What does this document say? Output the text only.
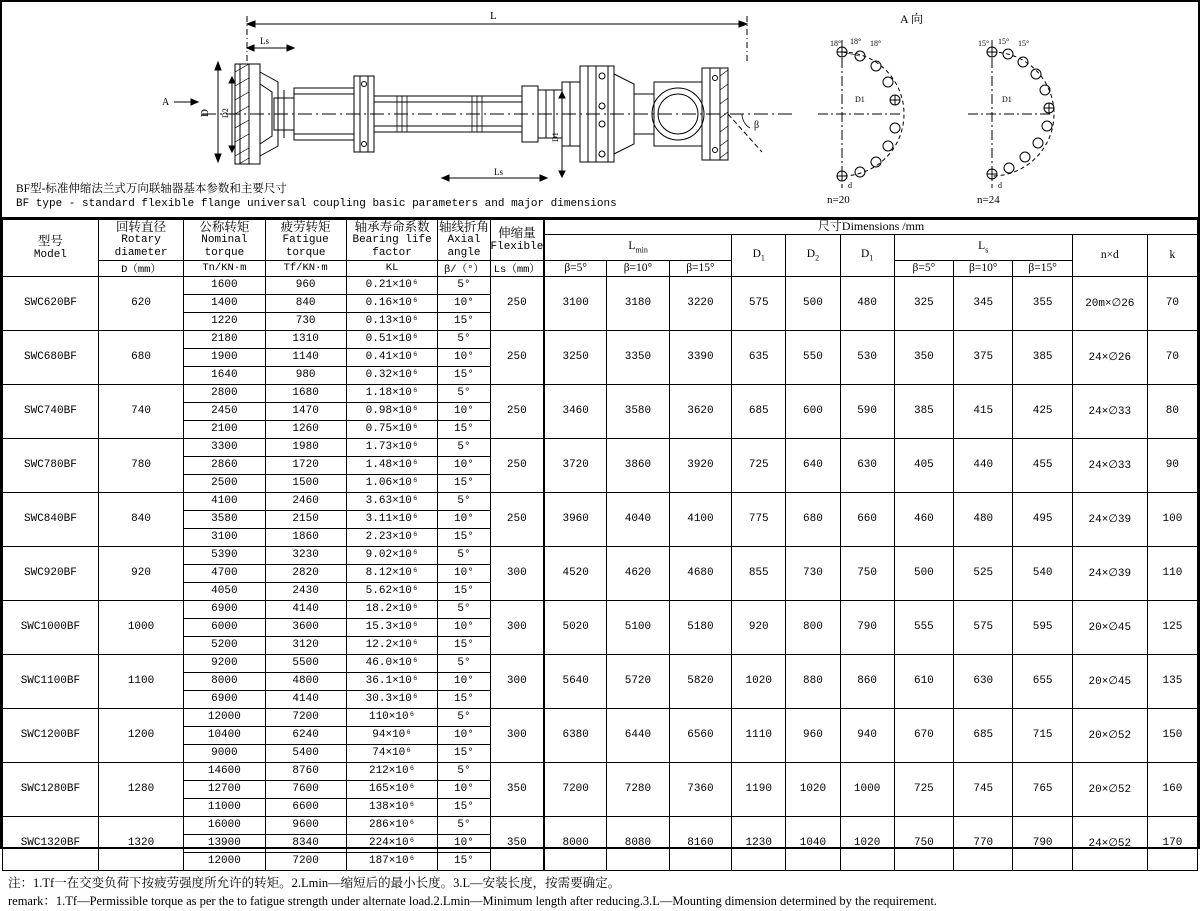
L
Ls
Ls
D D2
A
D1
β
18° 18° 18°
D1
d
15° 15° 15°
D1
d
A 向
n=20	n=24
BF型-标准伸缩法兰式万向联轴器基本参数和主要尺寸
BF type - standard flexible flange universal coupling basic parameters and major dimensions
型号
Model	回转直径
Rotary diameter	公称转矩
Nominal torque	疲劳转矩
Fatigue torque	轴承寿命系数
Bearing life factor	轴线折角
Axial angle	伸缩量
Flexible	尺寸Dimensions /mm										
							$L_{min}$			$D_1$	$D_2$	$D_1$	$L_s$			n×d	k
	D（mm）	Tn/KN·m	Tf/KN·m	KL	β/（°）	Ls（mm）	β=5°	β=10°	β=15°				β=5°	β=10°	β=15°		
SWC620BF	620	1600	960	0.21×10⁶	5°	250	3100	3180	3220	575	500	480	325	345	355	20m×∅26	70
		1400	840	0.16×10⁶	10°												
		1220	730	0.13×10⁶	15°												
SWC680BF	680	2180	1310	0.51×10⁶	5°	250	3250	3350	3390	635	550	530	350	375	385	24×∅26	70
		1900	1140	0.41×10⁶	10°												
		1640	980	0.32×10⁶	15°												
SWC740BF	740	2800	1680	1.18×10⁶	5°	250	3460	3580	3620	685	600	590	385	415	425	24×∅33	80
		2450	1470	0.98×10⁶	10°												
		2100	1260	0.75×10⁶	15°												
SWC780BF	780	3300	1980	1.73×10⁶	5°	250	3720	3860	3920	725	640	630	405	440	455	24×∅33	90
		2860	1720	1.48×10⁶	10°												
		2500	1500	1.06×10⁶	15°												
SWC840BF	840	4100	2460	3.63×10⁶	5°	250	3960	4040	4100	775	680	660	460	480	495	24×∅39	100
		3580	2150	3.11×10⁶	10°												
		3100	1860	2.23×10⁶	15°												
SWC920BF	920	5390	3230	9.02×10⁶	5°	300	4520	4620	4680	855	730	750	500	525	540	24×∅39	110
		4700	2820	8.12×10⁶	10°												
		4050	2430	5.62×10⁶	15°												
SWC1000BF	1000	6900	4140	18.2×10⁶	5°	300	5020	5100	5180	920	800	790	555	575	595	20×∅45	125
		6000	3600	15.3×10⁶	10°												
		5200	3120	12.2×10⁶	15°												
SWC1100BF	1100	9200	5500	46.0×10⁶	5°	300	5640	5720	5820	1020	880	860	610	630	655	20×∅45	135
		8000	4800	36.1×10⁶	10°												
		6900	4140	30.3×10⁶	15°												
SWC1200BF	1200	12000	7200	110×10⁶	5°	300	6380	6440	6560	1110	960	940	670	685	715	20×∅52	150
		10400	6240	94×10⁶	10°												
		9000	5400	74×10⁶	15°												
SWC1280BF	1280	14600	8760	212×10⁶	5°	350	7200	7280	7360	1190	1020	1000	725	745	765	20×∅52	160
		12700	7600	165×10⁶	10°												
		11000	6600	138×10⁶	15°												
SWC1320BF	1320	16000	9600	286×10⁶	5°	350	8000	8080	8160	1230	1040	1020	750	770	790	24×∅52	170
		13900	8340	224×10⁶	10°												
		12000	7200	187×10⁶	15°												
注：1.Tf一在交变负荷下按疲劳强度所允许的转矩。2.Lmin—缩短后的最小长度。3.L—安装长度，按需要确定。
remark：1.Tf—Permissible torque as per the to fatigue strength under alternate load.2.Lmin—Minimum length after reducing.3.L—Mounting dimension determined by the requirement.
